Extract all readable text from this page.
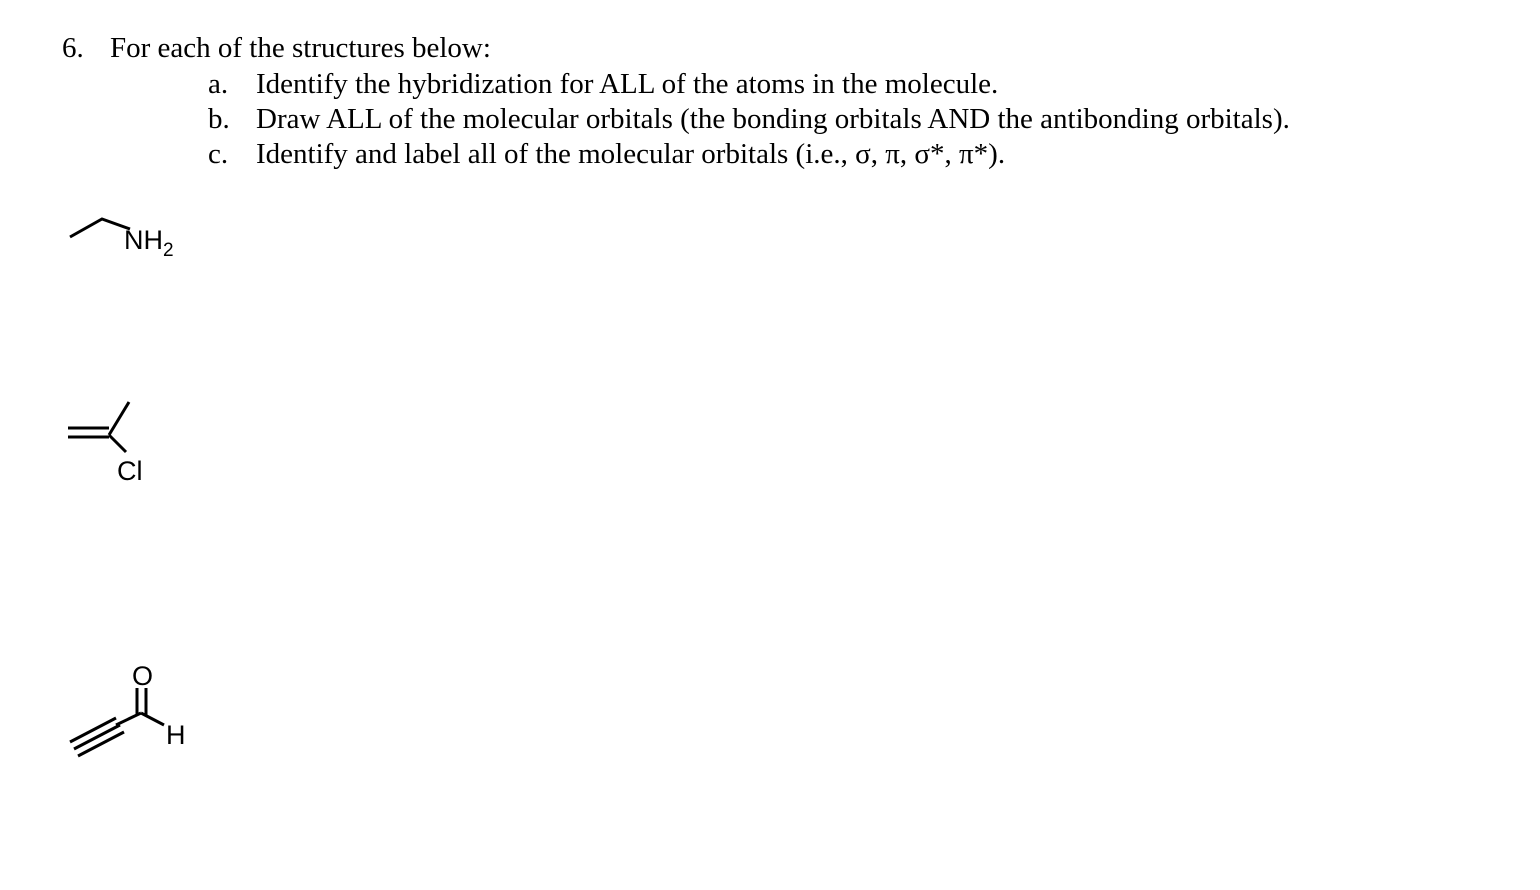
6. For each of the structures below:
a. Identify the hybridization for ALL of the atoms in the molecule.
b. Draw ALL of the molecular orbitals (the bonding orbitals AND the antibonding orbitals).
c. Identify and label all of the molecular orbitals (i.e., σ, π, σ*, π*).
$NH_2$
Cl
O
H
